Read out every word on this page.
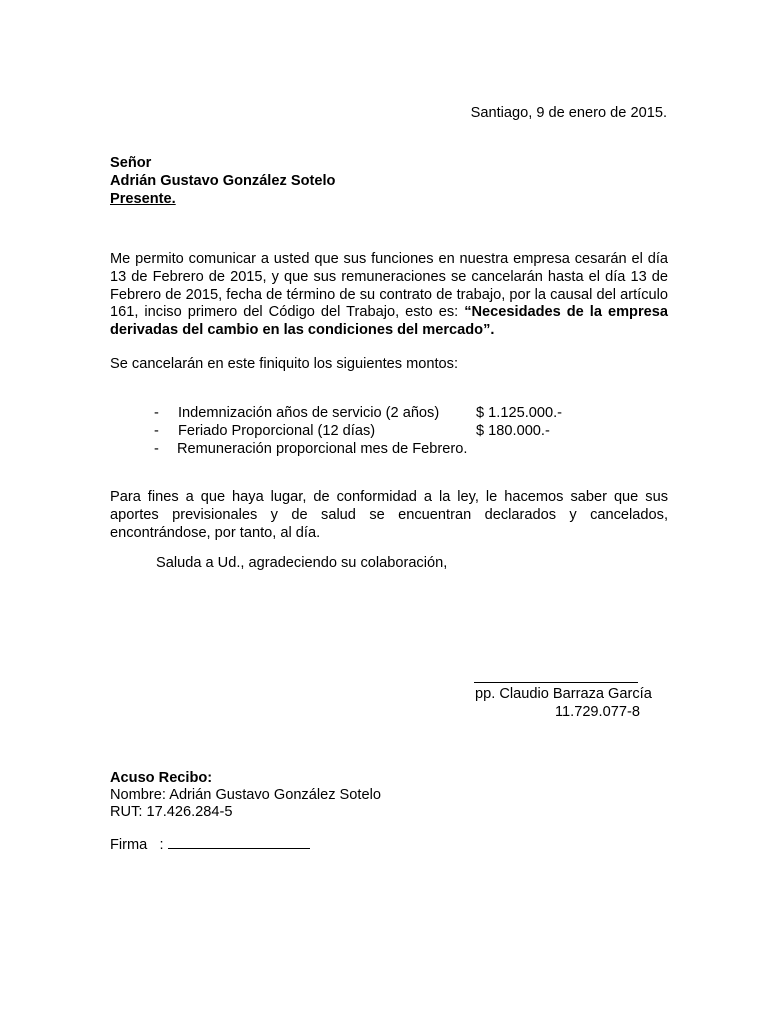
Santiago, 9 de enero de 2015.
Señor
Adrián Gustavo González Sotelo
Presente.
Me permito comunicar a usted que sus funciones en nuestra empresa cesarán el día 13 de Febrero de 2015, y que sus remuneraciones se cancelarán hasta el día 13 de Febrero de 2015, fecha de término de su contrato de trabajo, por la causal del artículo 161, inciso primero del Código del Trabajo, esto es: “Necesidades de la empresa derivadas del cambio en las condiciones del mercado”.
Se cancelarán en este finiquito los siguientes montos:
- Indemnización años de servicio (2 años)	$ 1.125.000.-
- Feriado Proporcional (12 días)	$ 180.000.-
- Remuneración proporcional mes de Febrero.
Para fines a que haya lugar, de conformidad a la ley, le hacemos saber que sus aportes previsionales y de salud se encuentran declarados y cancelados, encontrándose, por tanto, al día.
Saluda a Ud., agradeciendo su colaboración,
pp. Claudio Barraza García
11.729.077-8
Acuso Recibo:
Nombre: Adrián Gustavo González Sotelo
RUT: 17.426.284-5
Firma   :
